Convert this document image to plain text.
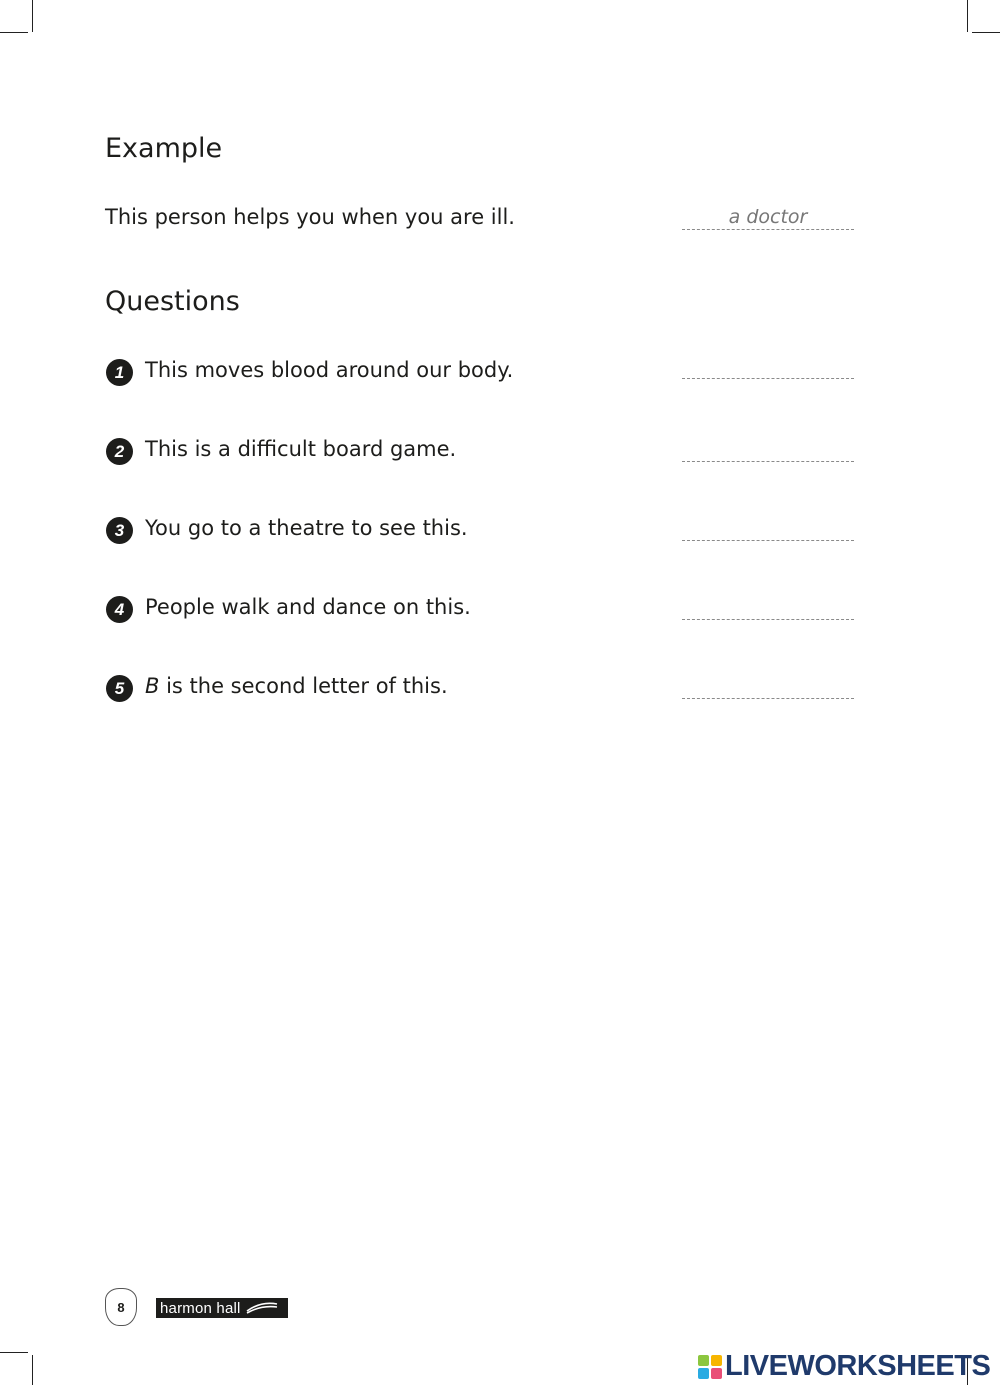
Example
This person helps you when you are ill.
a doctor
Questions
1 This moves blood around our body.
2 This is a difficult board game.
3 You go to a theatre to see this.
4 People walk and dance on this.
5 B is the second letter of this.
8 harmon hall
LIVEWORKSHEETS
